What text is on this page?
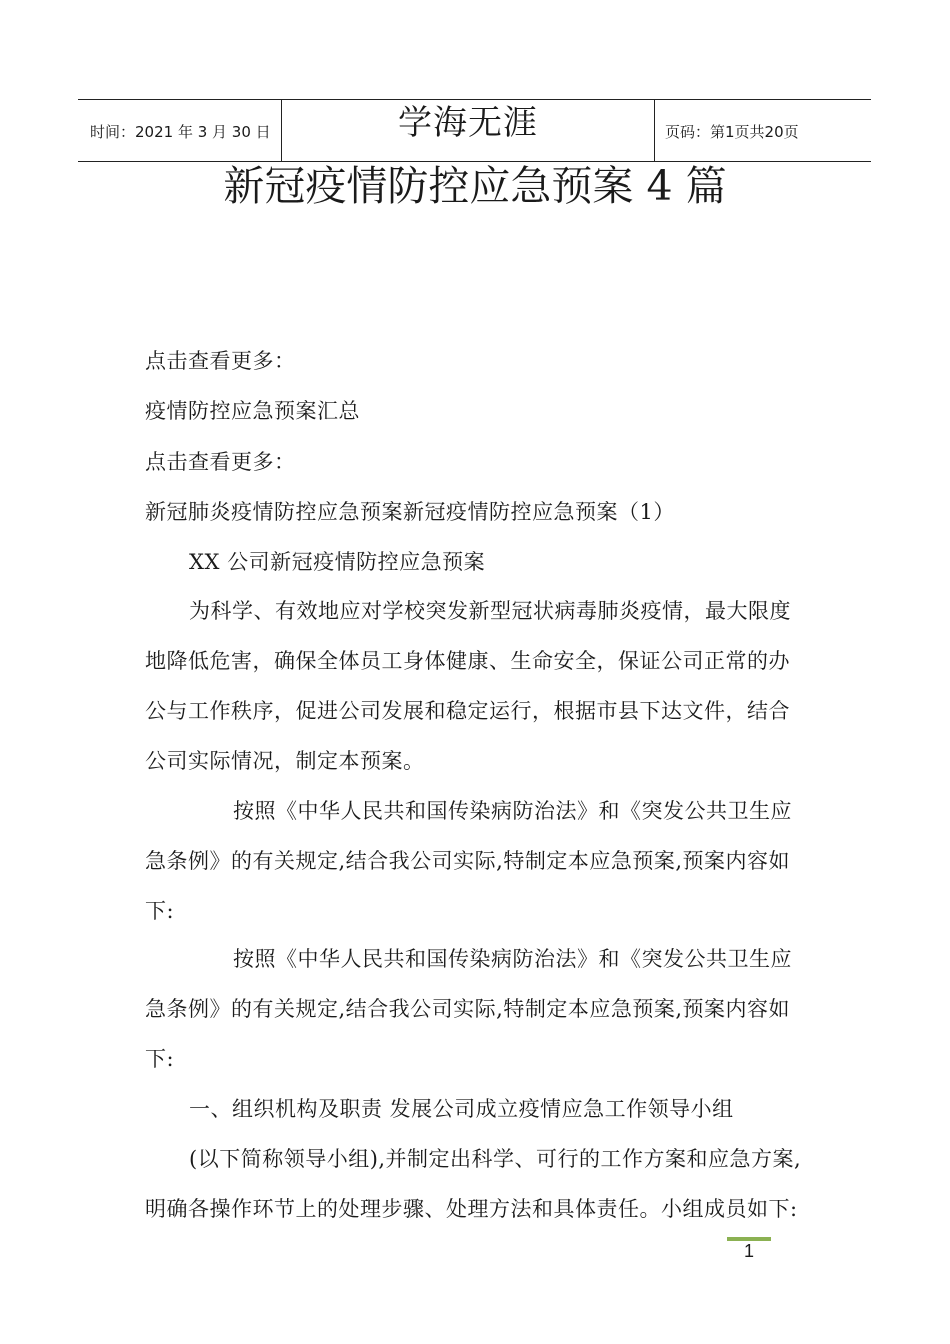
时间：2021 年 3 月 30 日	学海无涯	页码：第1页共20页
新冠疫情防控应急预案 4 篇
点击查看更多：
疫情防控应急预案汇总
点击查看更多：
新冠肺炎疫情防控应急预案新冠疫情防控应急预案（1）
XX 公司新冠疫情防控应急预案
为科学、有效地应对学校突发新型冠状病毒肺炎疫情，最大限度
地降低危害，确保全体员工身体健康、生命安全，保证公司正常的办
公与工作秩序，促进公司发展和稳定运行，根据市县下达文件，结合
公司实际情况，制定本预案。
按照《中华人民共和国传染病防治法》和《突发公共卫生应
急条例》的有关规定,结合我公司实际,特制定本应急预案,预案内容如
下:
按照《中华人民共和国传染病防治法》和《突发公共卫生应
急条例》的有关规定,结合我公司实际,特制定本应急预案,预案内容如
下:
一、组织机构及职责 发展公司成立疫情应急工作领导小组
(以下简称领导小组),并制定出科学、可行的工作方案和应急方案,
明确各操作环节上的处理步骤、处理方法和具体责任。小组成员如下:
1
